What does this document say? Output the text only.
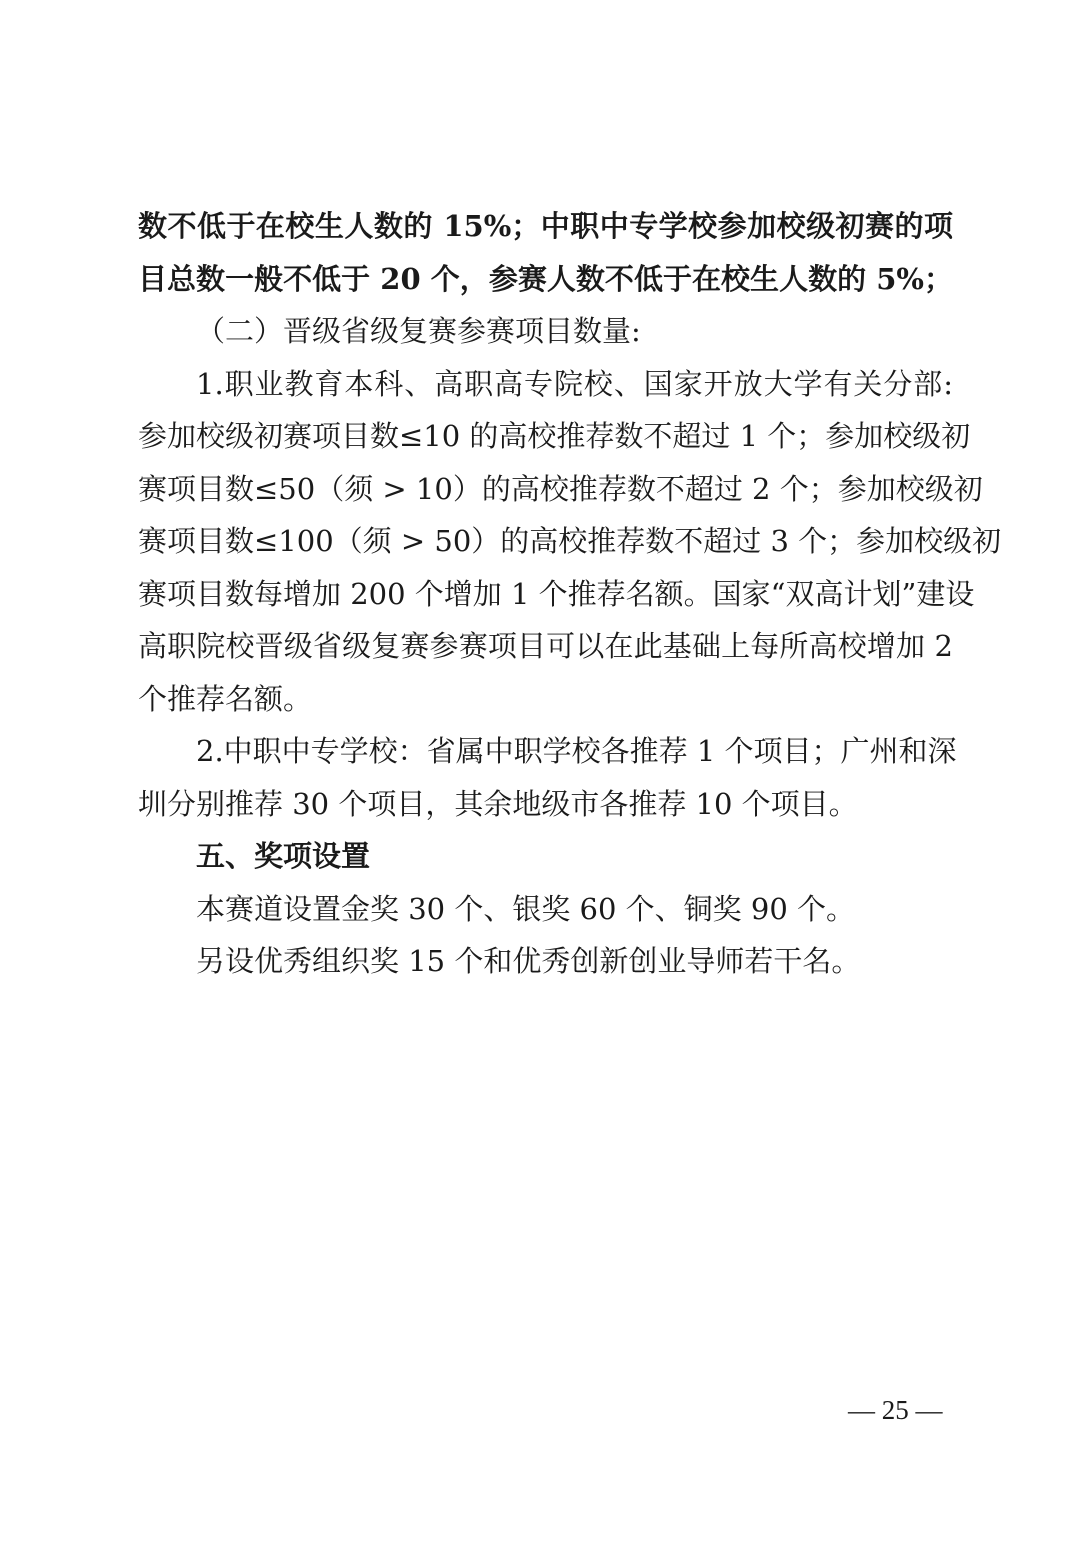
数不低于在校生人数的 15%；中职中专学校参加校级初赛的项
目总数一般不低于 20 个，参赛人数不低于在校生人数的 5%；
（二）晋级省级复赛参赛项目数量:
1.职业教育本科、高职高专院校、国家开放大学有关分部:
参加校级初赛项目数≤10 的高校推荐数不超过 1 个；参加校级初
赛项目数≤50（须 > 10）的高校推荐数不超过 2 个；参加校级初
赛项目数≤100（须 > 50）的高校推荐数不超过 3 个；参加校级初
赛项目数每增加 200 个增加 1 个推荐名额。国家“双高计划”建设
高职院校晋级省级复赛参赛项目可以在此基础上每所高校增加 2
个推荐名额。
2.中职中专学校：省属中职学校各推荐 1 个项目；广州和深
圳分别推荐 30 个项目，其余地级市各推荐 10 个项目。
五、奖项设置
本赛道设置金奖 30 个、银奖 60 个、铜奖 90 个。
另设优秀组织奖 15 个和优秀创新创业导师若干名。
— 25 —
